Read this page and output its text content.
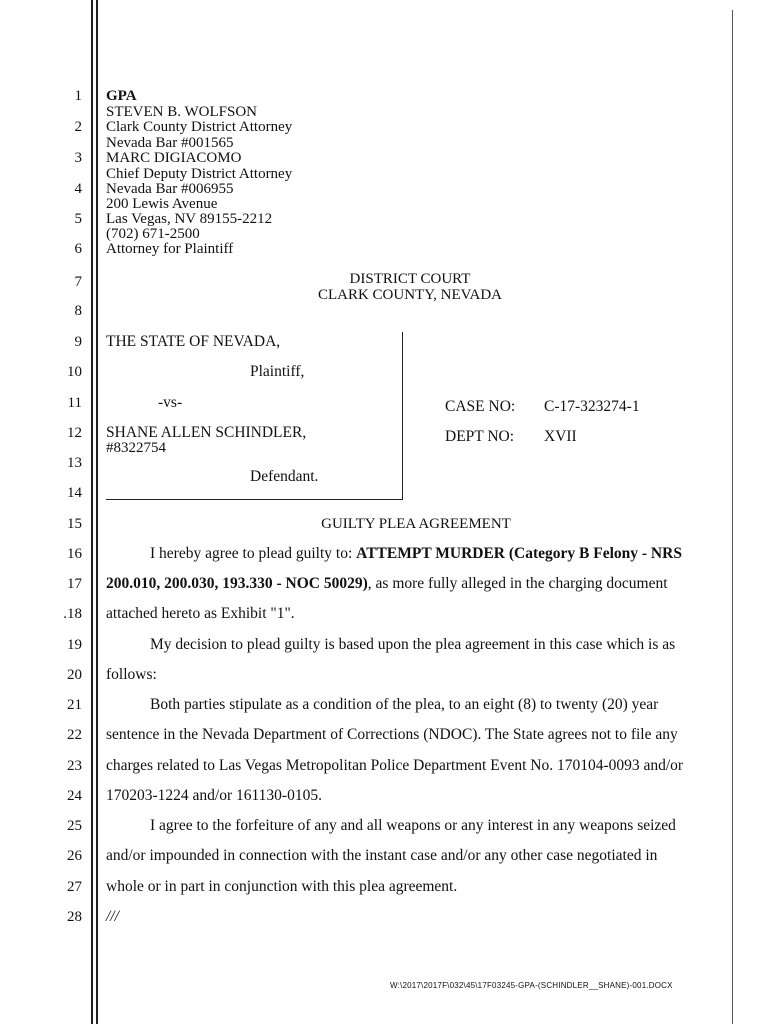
1
2
3
4
5
6
7
8
9
10
11
12
13
14
15
16
17
.18
19
20
21
22
23
24
25
26
27
28
GPA
STEVEN B. WOLFSON
Clark County District Attorney
Nevada Bar #001565
MARC DIGIACOMO
Chief Deputy District Attorney
Nevada Bar #006955
200 Lewis Avenue
Las Vegas, NV 89155-2212
(702) 671-2500
Attorney for Plaintiff
DISTRICT COURT
CLARK COUNTY, NEVADA
THE STATE OF NEVADA,
Plaintiff,
-vs-
SHANE ALLEN SCHINDLER,
#8322754
Defendant.
CASE NO: C-17-323274-1
DEPT NO: XVII
GUILTY PLEA AGREEMENT
I hereby agree to plead guilty to: ATTEMPT MURDER (Category B Felony - NRS
200.010, 200.030, 193.330 - NOC 50029), as more fully alleged in the charging document
attached hereto as Exhibit "1".
My decision to plead guilty is based upon the plea agreement in this case which is as
follows:
Both parties stipulate as a condition of the plea, to an eight (8) to twenty (20) year
sentence in the Nevada Department of Corrections (NDOC). The State agrees not to file any
charges related to Las Vegas Metropolitan Police Department Event No. 170104-0093 and/or
170203-1224 and/or 161130-0105.
I agree to the forfeiture of any and all weapons or any interest in any weapons seized
and/or impounded in connection with the instant case and/or any other case negotiated in
whole or in part in conjunction with this plea agreement.
///
W:\2017\2017F\032\45\17F03245-GPA-(SCHINDLER__SHANE)-001.DOCX
